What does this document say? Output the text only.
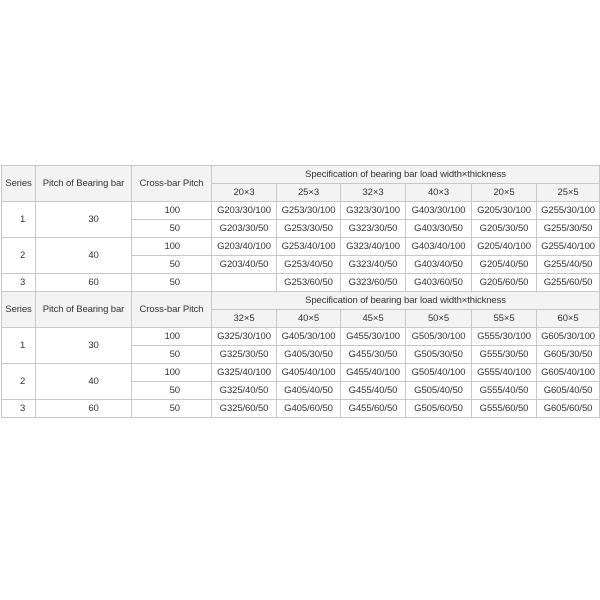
Series	Pitch of Bearing bar	Cross-bar Pitch	Specification of bearing bar load width×thickness					
			20×3	25×3	32×3	40×3	20×5	25×5
1	30	100	G203/30/100	G253/30/100	G323/30/100	G403/30/100	G205/30/100	G255/30/100
		50	G203/30/50	G253/30/50	G323/30/50	G403/30/50	G205/30/50	G255/30/50
2	40	100	G203/40/100	G253/40/100	G323/40/100	G403/40/100	G205/40/100	G255/40/100
		50	G203/40/50	G253/40/50	G323/40/50	G403/40/50	G205/40/50	G255/40/50
3	60	50		G253/60/50	G323/60/50	G403/60/50	G205/60/50	G255/60/50
Series	Pitch of Bearing bar	Cross-bar Pitch	Specification of bearing bar load width×thickness					
			32×5	40×5	45×5	50×5	55×5	60×5
1	30	100	G325/30/100	G405/30/100	G455/30/100	G505/30/100	G555/30/100	G605/30/100
		50	G325/30/50	G405/30/50	G455/30/50	G505/30/50	G555/30/50	G605/30/50
2	40	100	G325/40/100	G405/40/100	G455/40/100	G505/40/100	G555/40/100	G605/40/100
		50	G325/40/50	G405/40/50	G455/40/50	G505/40/50	G555/40/50	G605/40/50
3	60	50	G325/60/50	G405/60/50	G455/60/50	G505/60/50	G555/60/50	G605/60/50
